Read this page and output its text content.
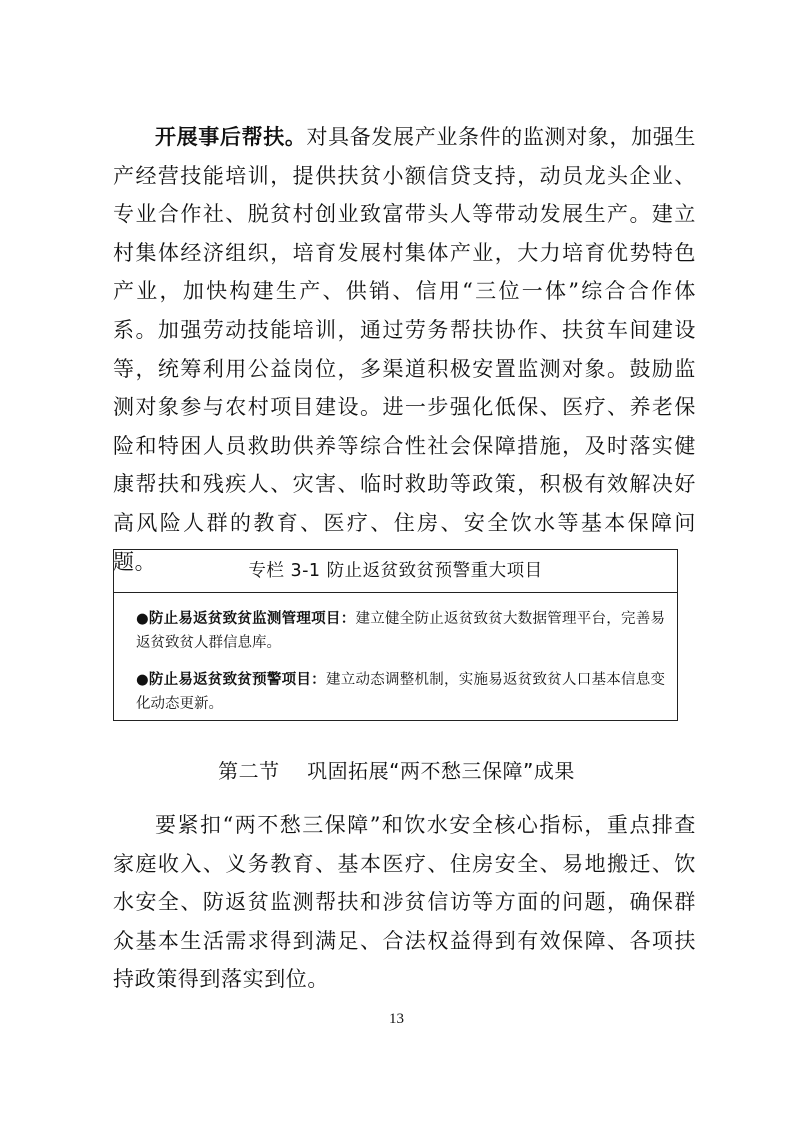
开展事后帮扶。对具备发展产业条件的监测对象，加强生产经营技能培训，提供扶贫小额信贷支持，动员龙头企业、专业合作社、脱贫村创业致富带头人等带动发展生产。建立村集体经济组织，培育发展村集体产业，大力培育优势特色产业，加快构建生产、供销、信用“三位一体”综合合作体系。加强劳动技能培训，通过劳务帮扶协作、扶贫车间建设等，统筹利用公益岗位，多渠道积极安置监测对象。鼓励监测对象参与农村项目建设。进一步强化低保、医疗、养老保险和特困人员救助供养等综合性社会保障措施，及时落实健康帮扶和残疾人、灾害、临时救助等政策，积极有效解决好高风险人群的教育、医疗、住房、安全饮水等基本保障问题。	专栏 3-1 防止返贫致贫预警重大项目
●防止易返贫致贫监测管理项目：建立健全防止返贫致贫大数据管理平台，完善易返贫致贫人群信息库。
●防止易返贫致贫预警项目：建立动态调整机制，实施易返贫致贫人口基本信息变化动态更新。
第二节    巩固拓展“两不愁三保障”成果

要紧扣“两不愁三保障”和饮水安全核心指标，重点排查家庭收入、义务教育、基本医疗、住房安全、易地搬迁、饮水安全、防返贫监测帮扶和涉贫信访等方面的问题，确保群众基本生活需求得到满足、合法权益得到有效保障、各项扶持政策得到落实到位。

13
